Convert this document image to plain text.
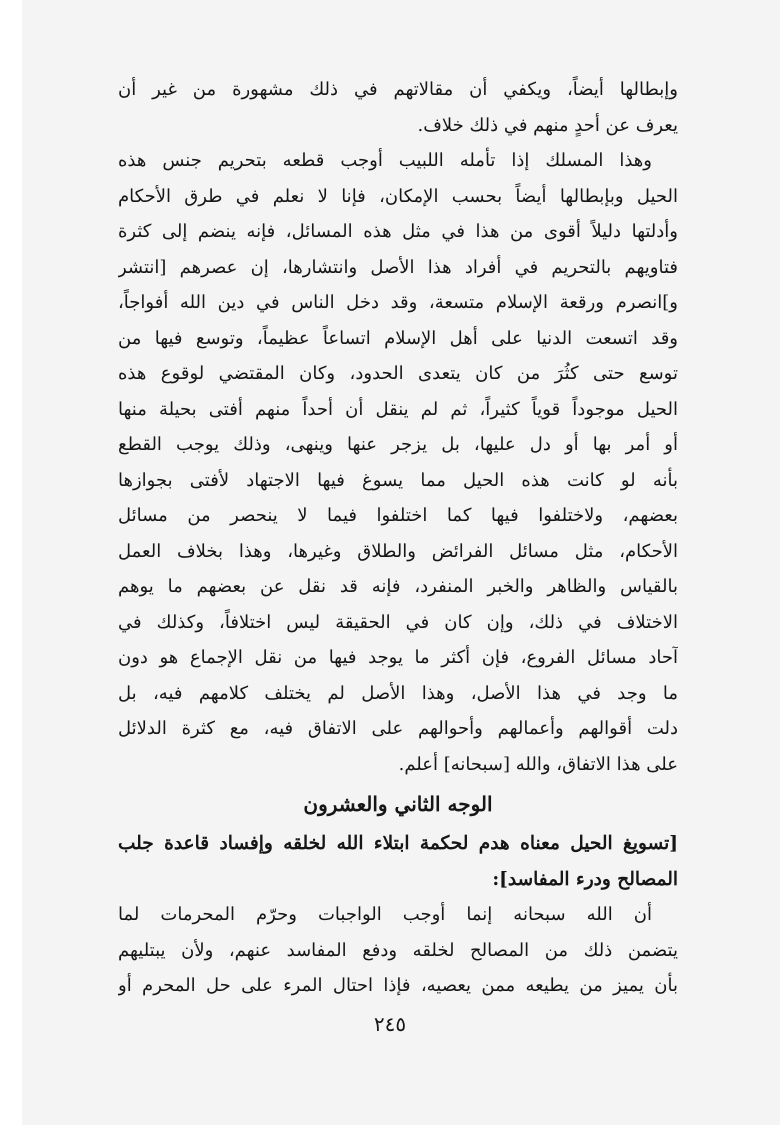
وإبطالها أيضاً، ويكفي أن مقالاتهم في ذلك مشهورة من غير أن
يعرف عن أحدٍ منهم في ذلك خلاف.
وهذا المسلك إذا تأمله اللبيب أوجب قطعه بتحريم جنس هذه
الحيل وبإبطالها أيضاً بحسب الإمكان، فإنا لا نعلم في طرق الأحكام
وأدلتها دليلاً أقوى من هذا في مثل هذه المسائل، فإنه ينضم إلى كثرة
فتاويهم بالتحريم في أفراد هذا الأصل وانتشارها، إن عصرهم [انتشر
و]انصرم ورقعة الإسلام متسعة، وقد دخل الناس في دين الله أفواجاً،
وقد اتسعت الدنيا على أهل الإسلام اتساعاً عظيماً، وتوسع فيها من
توسع حتى كثُرَ من كان يتعدى الحدود، وكان المقتضي لوقوع هذه
الحيل موجوداً قوياً كثيراً، ثم لم ينقل أن أحداً منهم أفتى بحيلة منها
أو أمر بها أو دل عليها، بل يزجر عنها وينهى، وذلك يوجب القطع
بأنه لو كانت هذه الحيل مما يسوغ فيها الاجتهاد لأفتى بجوازها
بعضهم، ولاختلفوا فيها كما اختلفوا فيما لا ينحصر من مسائل
الأحكام، مثل مسائل الفرائض والطلاق وغيرها، وهذا بخلاف العمل
بالقياس والظاهر والخبر المنفرد، فإنه قد نقل عن بعضهم ما يوهم
الاختلاف في ذلك، وإن كان في الحقيقة ليس اختلافاً، وكذلك في
آحاد مسائل الفروع، فإن أكثر ما يوجد فيها من نقل الإجماع هو دون
ما وجد في هذا الأصل، وهذا الأصل لم يختلف كلامهم فيه، بل
دلت أقوالهم وأعمالهم وأحوالهم على الاتفاق فيه، مع كثرة الدلائل
على هذا الاتفاق، والله [سبحانه] أعلم.
الوجه الثاني والعشرون
[تسويغ الحيل معناه هدم لحكمة ابتلاء الله لخلقه وإفساد قاعدة جلب
المصالح ودرء المفاسد]:
أن الله سبحانه إنما أوجب الواجبات وحرّم المحرمات لما
يتضمن ذلك من المصالح لخلقه ودفع المفاسد عنهم، ولأن يبتليهم
بأن يميز من يطيعه ممن يعصيه، فإذا احتال المرء على حل المحرم أو
٢٤٥
